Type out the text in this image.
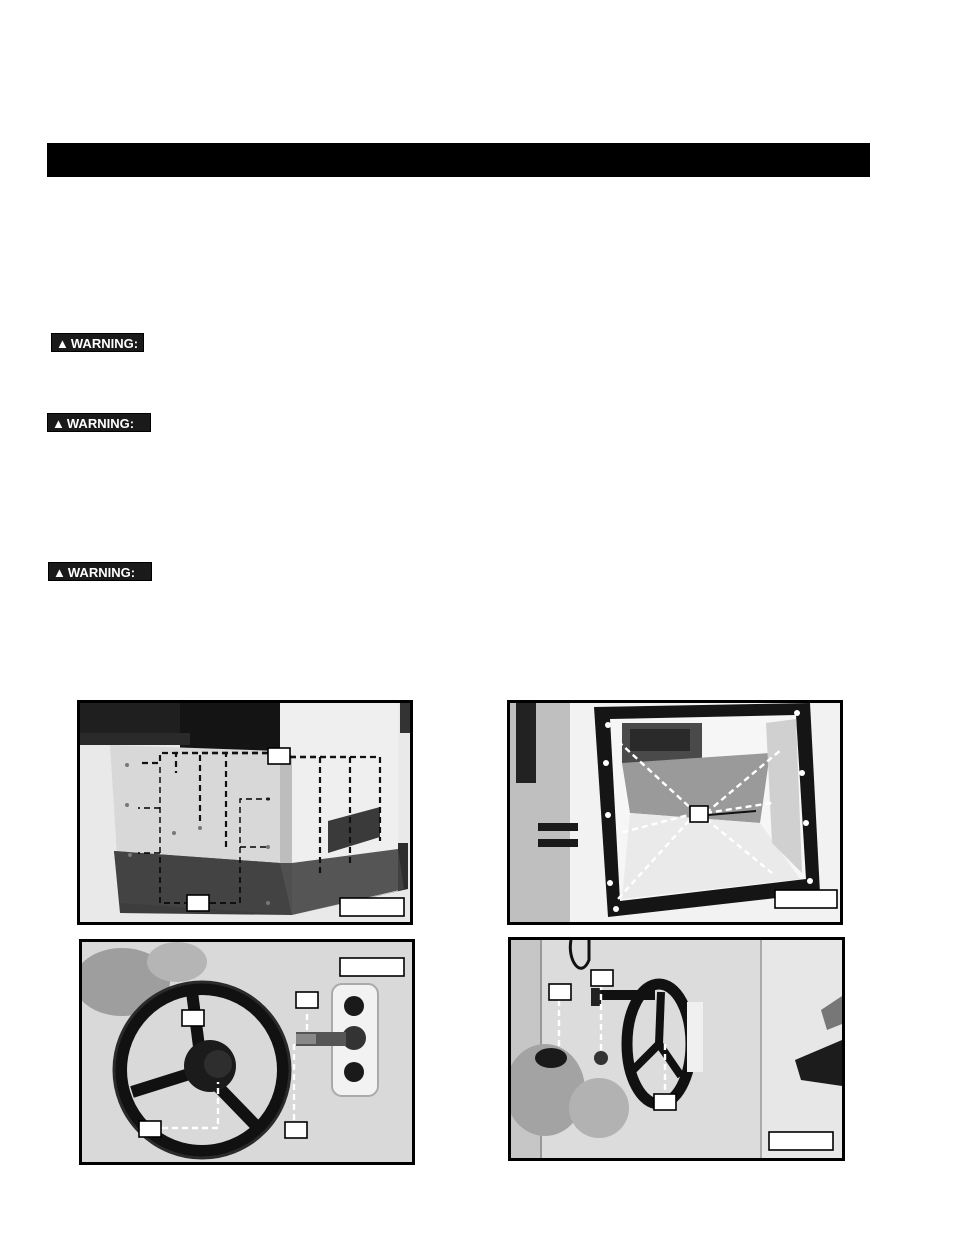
▲ WARNING:
▲ WARNING:
▲ WARNING:
